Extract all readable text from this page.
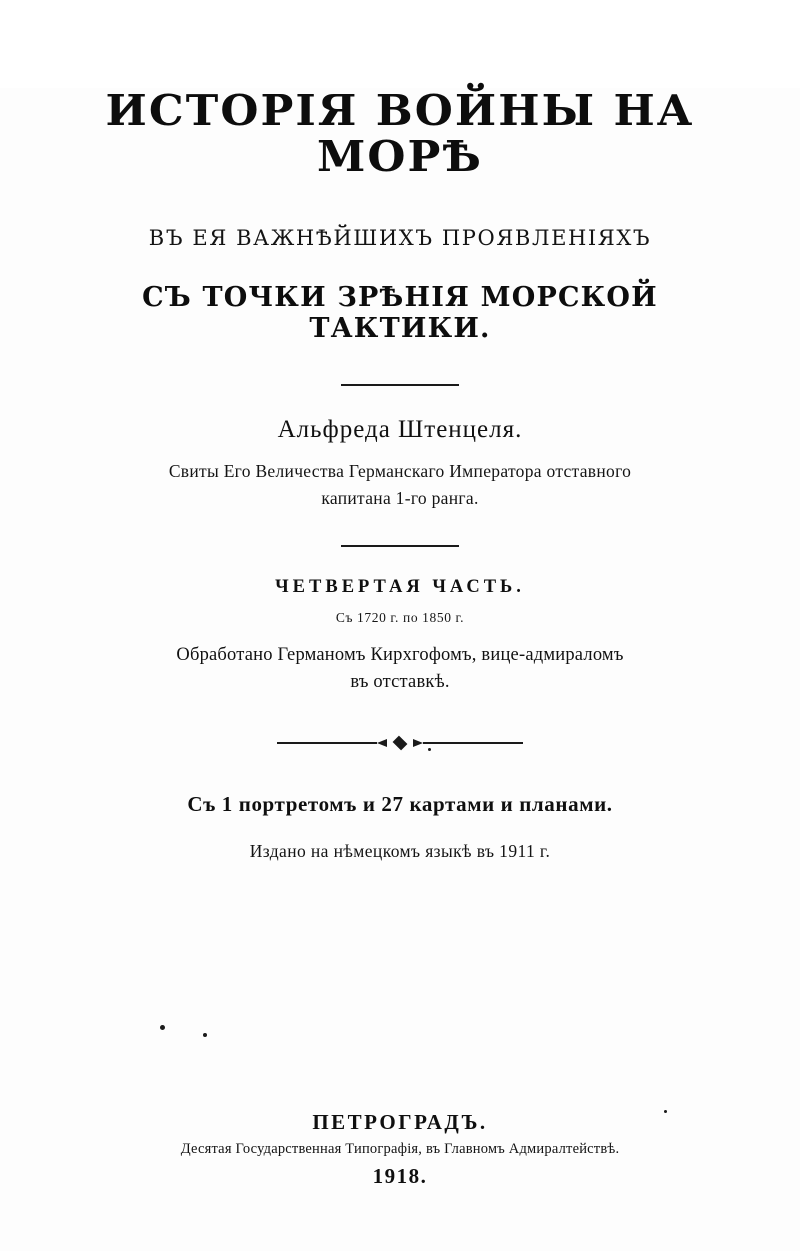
ИСТОРІЯ ВОЙНЫ НА МОРѢ
ВЪ ЕЯ ВАЖНѢЙШИХЪ ПРОЯВЛЕНІЯХЪ
СЪ ТОЧКИ ЗРѢНІЯ МОРСКОЙ ТАКТИКИ.
Альфреда Штенцеля.
Свиты Его Величества Германскаго Императора отставного
капитана 1-го ранга.
ЧЕТВЕРТАЯ ЧАСТЬ.
Съ 1720 г. по 1850 г.
Обработано Германомъ Кирхгофомъ, вице-адмираломъ
въ отставкѣ.
Съ 1 портретомъ и 27 картами и планами.
Издано на нѣмецкомъ языкѣ въ 1911 г.
ПЕТРОГРАДЪ.
Десятая Государственная Типографія, въ Главномъ Адмиралтействѣ.
1918.
